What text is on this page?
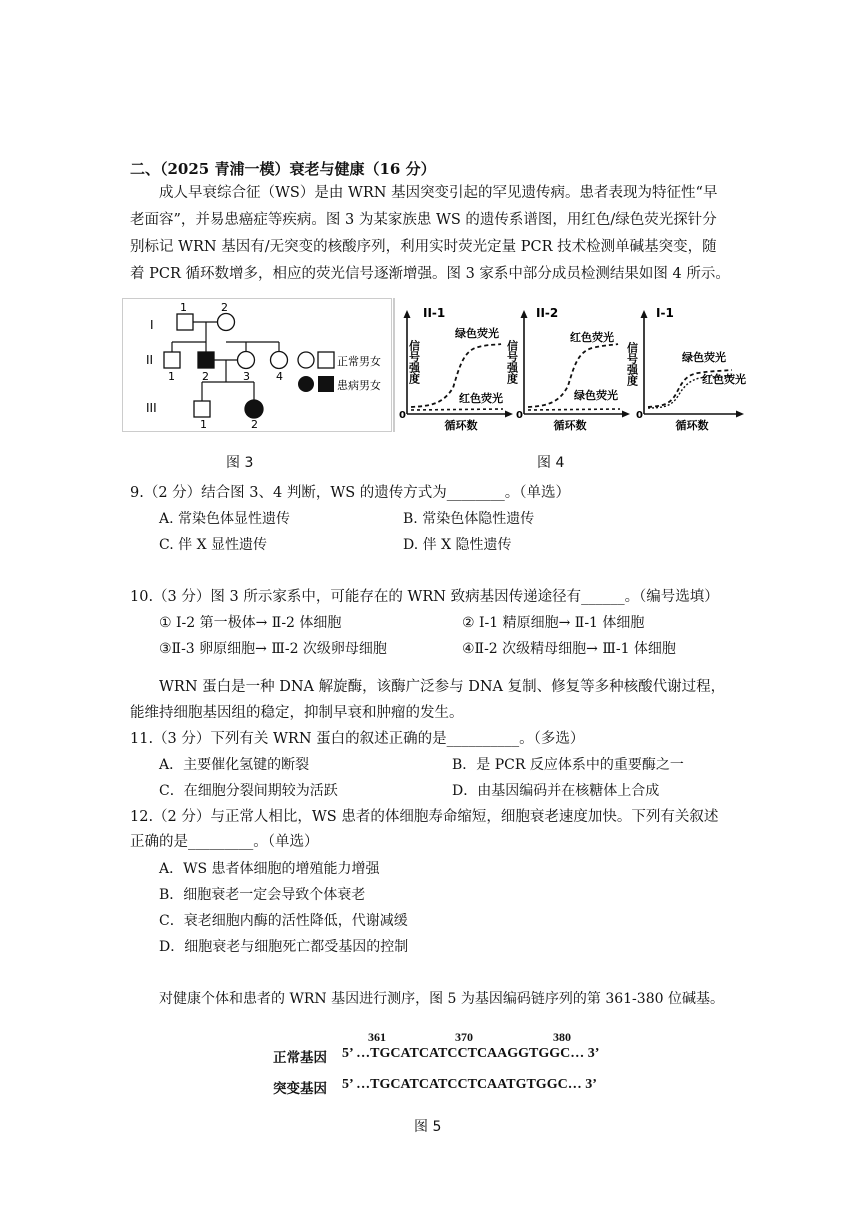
二、（2025 青浦一模）衰老与健康（16 分）
成人早衰综合征（WS）是由 WRN 基因突变引起的罕见遗传病。患者表现为特征性“早
老面容”，并易患癌症等疾病。图 3 为某家族患 WS 的遗传系谱图，用红色/绿色荧光探针分
别标记 WRN 基因有/无突变的核酸序列，利用实时荧光定量 PCR 技术检测单碱基突变，随
着 PCR 循环数增多，相应的荧光信号逐渐增强。图 3 家系中部分成员检测结果如图 4 所示。
I
II
III
1	2
1 2	3 4
1	2
正常男女
患病男女
II-1
0
循环数
信号强度
绿色荧光
红色荧光
II-2
0
循环数
信号强度
红色荧光
绿色荧光
I-1
0
循环数
信号强度	绿色荧光
红色荧光
图 3	图 4
9.（2 分）结合图 3、4 判断，WS 的遗传方式为________。（单选）
A. 常染色体显性遗传	B. 常染色体隐性遗传
C. 伴 X 显性遗传	D. 伴 X 隐性遗传
10.（3 分）图 3 所示家系中，可能存在的 WRN 致病基因传递途径有______。（编号选填）
① Ⅰ-2 第一极体→ Ⅱ-2 体细胞	② Ⅰ-1 精原细胞→ Ⅱ-1 体细胞
③Ⅱ-3 卵原细胞→ Ⅲ-2 次级卵母细胞	④Ⅱ-2 次级精母细胞→ Ⅲ-1 体细胞
WRN 蛋白是一种 DNA 解旋酶，该酶广泛参与 DNA 复制、修复等多种核酸代谢过程，
能维持细胞基因组的稳定，抑制早衰和肿瘤的发生。
11.（3 分）下列有关 WRN 蛋白的叙述正确的是__________。（多选）
A．主要催化氢键的断裂	B．是 PCR 反应体系中的重要酶之一
C．在细胞分裂间期较为活跃	D．由基因编码并在核糖体上合成
12.（2 分）与正常人相比，WS 患者的体细胞寿命缩短，细胞衰老速度加快。下列有关叙述
正确的是_________。（单选）
A．WS 患者体细胞的增殖能力增强
B．细胞衰老一定会导致个体衰老
C．衰老细胞内酶的活性降低，代谢减缓
D．细胞衰老与细胞死亡都受基因的控制
对健康个体和患者的 WRN 基因进行测序，图 5 为基因编码链序列的第 361-380 位碱基。
361	370	380
正常基因 5’ …TGCATCATCCTCAAGGTGGC… 3’
突变基因 5’ …TGCATCATCCTCAATGTGGC… 3’
图 5
